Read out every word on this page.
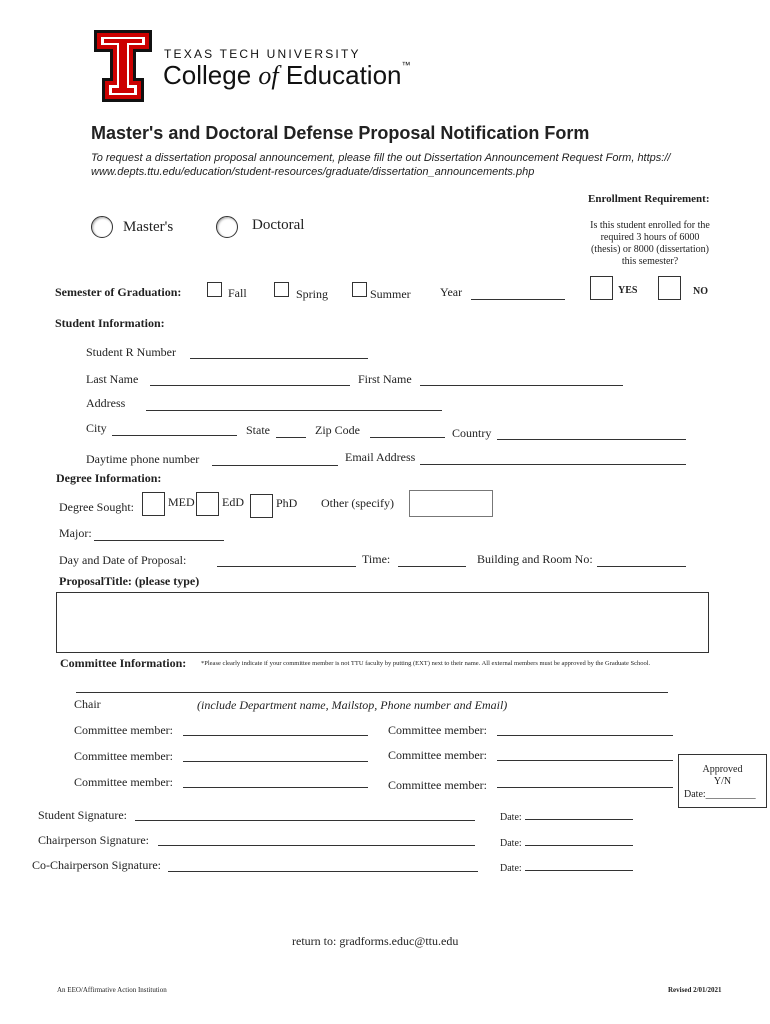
TEXAS TECH UNIVERSITY
College of Education™
Master's and Doctoral Defense Proposal Notification Form
To request a dissertation proposal announcement, please fill the out Dissertation Announcement Request Form, https://
www.depts.ttu.edu/education/student-resources/graduate/dissertation_announcements.php
Master's	Doctoral
Enrollment Requirement:
Is this student enrolled for the
required 3 hours of 6000
(thesis) or 8000 (dissertation)
this semester?
YES	NO
Semester of Graduation:	Fall	Spring	Summer Year
Student Information:
Student R Number
Last Name	First Name
Address
City	State	Zip Code	Country
Daytime phone number	Email Address
Degree Information:
Degree Sought:	MED EdD	PhD Other (specify)
Major:
Day and Date of Proposal:	Time:	Building and Room No:
ProposalTitle: (please type)
Committee Information: *Please clearly indicate if your committee member is not TTU faculty by putting (EXT) next to their name. All external members must be approved by the Graduate School.
Chair	(include Department name, Mailstop, Phone number and Email)
Committee member:	Committee member:
Committee member:	Committee member:
Committee member:	Committee member:
Approved
Y/N
Date:__________
Student Signature:	Date:
Chairperson Signature:	Date:
Co-Chairperson Signature:	Date:
return to: gradforms.educ@ttu.edu
An EEO/Affirmative Action Institution	Revised 2/01/2021
